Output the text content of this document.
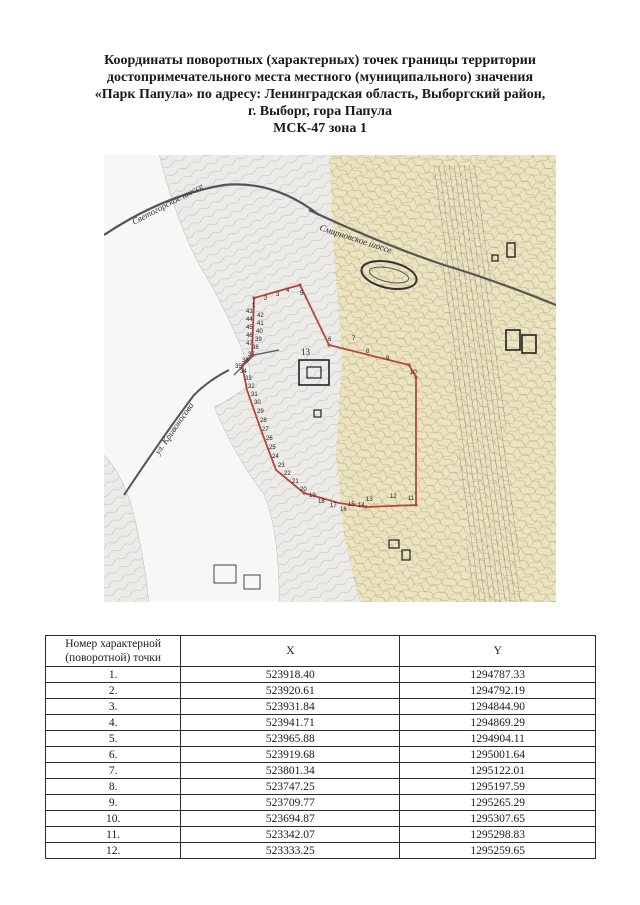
Координаты поворотных (характерных) точек границы территории
достопримечательного места местного (муниципального) значения
«Парк Папула» по адресу: Ленинградская область, Выборгский район,
г. Выборг, гора Папула
МСК-47 зона 1
1
2
3
4 5
6	7
8
9
10
11
12
13
14
15
16
17
18
19
20
21
22
23
24
25
26
27
28
29
30
31
32
33
34
35
36
37
38
39
40
41
42
43
44
45
46
47
13
Светогорское шоссе
Смирновское шоссе
ул. Кривоносова
Номер характерной (поворотной) точки	X	Y
1.	523918.40	1294787.33
2.	523920.61	1294792.19
3.	523931.84	1294844.90
4.	523941.71	1294869.29
5.	523965.88	1294904.11
6.	523919.68	1295001.64
7.	523801.34	1295122.01
8.	523747.25	1295197.59
9.	523709.77	1295265.29
10.	523694.87	1295307.65
11.	523342.07	1295298.83
12.	523333.25	1295259.65
